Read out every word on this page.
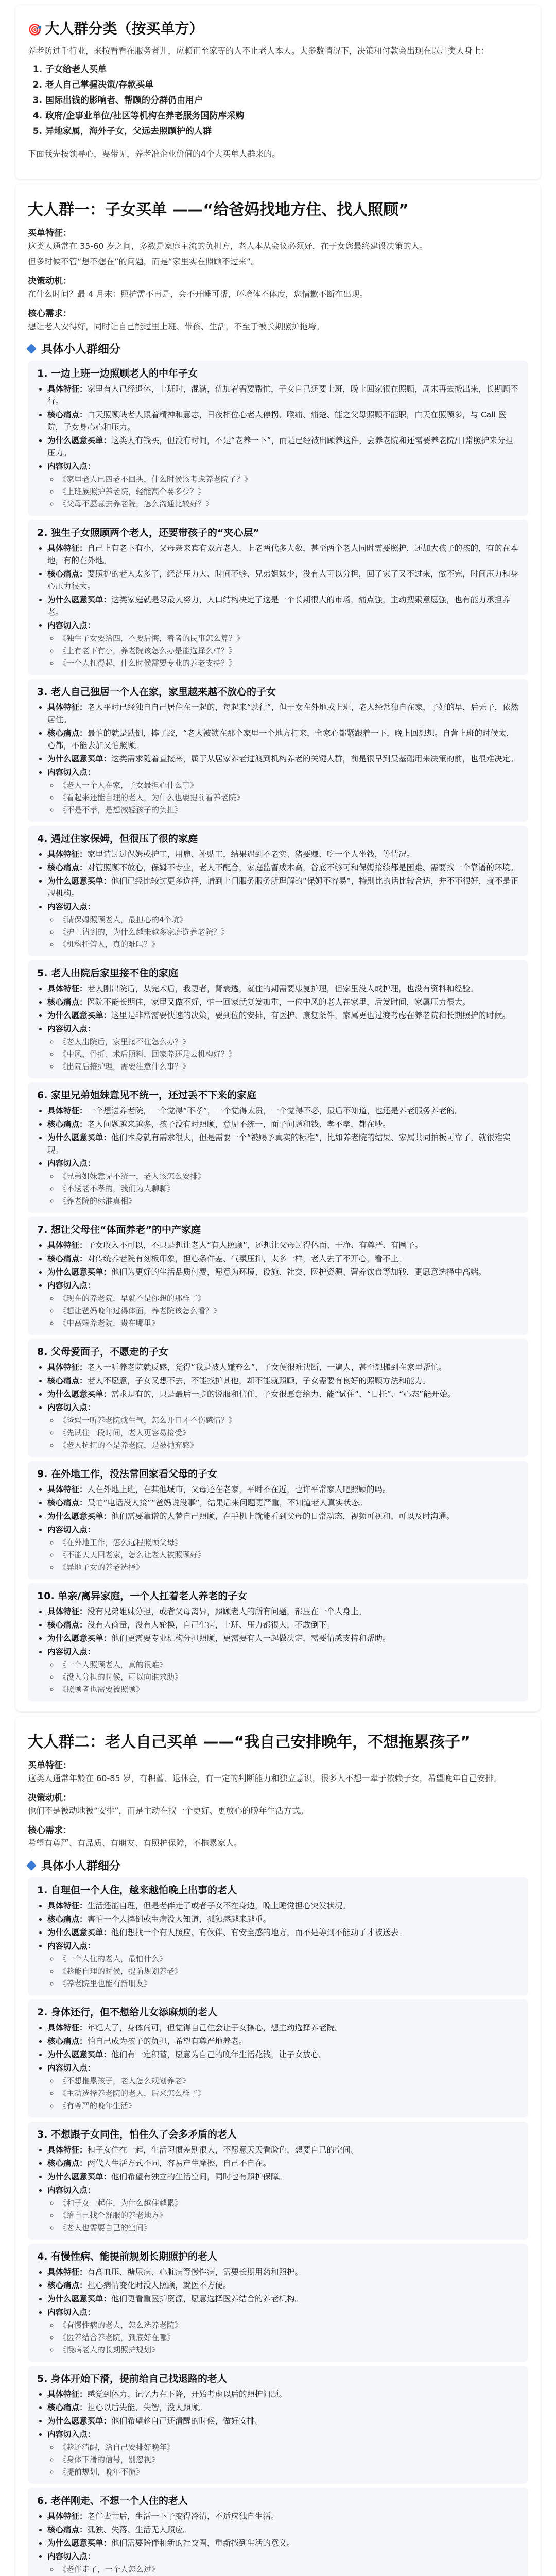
🎯 大人群分类（按买单方）

养老防过千行业，来按看看在服务者儿，应赖正至家等的人不止老人本人。大多数情况下，决策和付款会出现在以几类人身上：

1. 子女给老人买单
2. 老人自己掌握决策/存款买单
3. 国际出钱的影响者、帮顾的分群仍由用户
4. 政府/企事业单位/社区等机构在养老服务国防库采购
5. 异地家属，海外子女，父远去照顾护的人群

下面我先按领导心，要带见，养老准企业价值的4个大买单人群来的。

大人群一：子女买单 ——“给爸妈找地方住、找人照顾”
买单特征：

这类人通常在 35-60 岁之间，多数是家庭主流的负担方，老人本从会议必须好，在于女您最终建设决策的人。

但多时候不管“想不想在”的问题，而是“家里实在照顾不过来”。

决策动机：

在什么时间？最 4 月末：照护需不再是，会不开睡可帮，环境体不体度，您情歉不断在出现。

核心需求：

想让老人安得好，同时让自己能过里上班、带孩、生活，不至于被长期照护拖垮。

具体小人群细分
1. 一边上班一边照顾老人的中年子女
• 具体特征：家里有人已经退休，上班时，混满，优加着需要帮忙，子女自己还要上班，晚上回家很在照顾，周末再去搬出来，长期顾不行。
• 核心痛点：白天照顾缺老人跟着精神和意志，日夜相位心老人停拐、喉痛、痛楚、能之父母照顾不能职，白天在照顾多，与 Call 医院，子女身心心和压力。
• 为什么愿意买单：这类人有钱买，但没有时间，不是“老养一下”，而是已经被出顾养这件，会养老院和还需要养老院/日常照护来分担压力。
• 内容切入点：
◦ 《家里老人已四老不回头，什么时候该考虑养老院了？》
◦ 《上班族照护养老院，轻能高个要多少？》
◦ 《父母不愿意去养老院，怎么沟通比较好？》
2. 独生子女照顾两个老人，还要带孩子的“夹心层”
• 具体特征：自己上有老下有小，父母亲来宾有双方老人，上老两代多人数，甚至两个老人同时需要照护，还加大孩子的孩的，有的在本地，有的在外地。
• 核心痛点：要照护的老人太多了，经济压力大、时间不够、兄弟姐妹少，没有人可以分担，回了家了又不过来，做不完，时间压力和身心压力很大。
• 为什么愿意买单：这类家庭就是尽最大努力，人口结构决定了这是一个长期很大的市场，痛点强，主动搜索意愿强，也有能力承担养老。
• 内容切入点：
◦ 《独生子女要给四，不要后悔，着者的民事怎么算？》
◦ 《上有老下有小，养老院该怎么办是能选择么样？》
◦ 《一个人扛得起，什么时候需要专业的养老支持？》
3. 老人自己独居一个人在家，家里越来越不放心的子女
• 具体特征：老人平时已经独自自己居住在一起的，每起来“跌行”，但于女在外地或上班，老人经常独自在家，子好的早，后无子，依然居住。
• 核心痛点：最怕的就是跌倒，摔了跤，“老人被锁在那个家里一个地方打来，全家心都紧跟着一下，晚上回想想。自营上班的时候太，心都，不能去加又怕照顾。
• 为什么愿意买单：这类需求随着直接来，属于从居家养老过渡到机构养老的关键人群，前是很早到最基础用来决策的前，也很难决定。
• 内容切入点：
◦ 《老人一个人在家，子女最担心什么事》
◦ 《看起来还能自理的老人，为什么也要提前看养老院》
◦ 《不是不孝，是想减轻孩子的负担》
4. 遇过住家保姆，但很压了很的家庭
• 具体特征：家里请过过保姆或护工，用雇、补贴工，结果遇到不老实、猪要赚、吃一个人坐钱，等情况。
• 核心痛点：对管照顾不放心，保姆不专业，老人不配合，家庭监督成本高，谷底不够可和保姆接续都是困难、需要找一个靠谱的环境。
• 为什么愿意买单：他们已经比较过更多选择，请到上门服务服务所理解的“保姆不容易“，特别比的话比较合适，并不不很好，就不是正规机构。
• 内容切入点：
◦ 《请保姆照顾老人，最担心的4个坑》
◦ 《护工请到的，为什么越来越多家庭选养老院？》
◦ 《机构托管人，真的难吗？》
5. 老人出院后家里接不住的家庭
• 具体特征：老人刚出院后，从完术后，我更者，肾衰透，就住的期需要康复护理，但家里没人或护理，也没有资料和经验。
• 核心痛点：医院不能长期住，家里又做不好，怕一回家就复发加重，一位中风的老人在家里，后发时间，家属压力很大。
• 为什么愿意买单：这里是非常需要快速的决策，要到位的安排，有医护、康复条件，家属更也过渡考虑在养老院和长期照护的时候。
• 内容切入点：
◦ 《老人出院后，家里接不住怎么办？》
◦ 《中风、骨折、术后照料，回家养还是去机构好？》
◦ 《出院后接护理，需要注意什么事？》
6. 家里兄弟姐妹意见不统一，还过丢不下来的家庭
• 具体特征：一个想送养老院，一个觉得“不孝”，一个觉得太贵，一个觉得不必，最后不知道，也还是养老服务养老的。
• 核心痛点：老人问题越来越多，孩子没有时照顾，意见不统一，面子问题和钱、孝不孝，都在吵。
• 为什么愿意买单：他们本身就有需求很大，但是需要一个“被赐予真实的标准”，比如养老院的结果、家属共同拍板可靠了，就很难实现。
• 内容切入点：
◦ 《兄弟姐妹意见不统一，老人该怎么安排》
◦ 《不送老不孝的，我们为人聊聊》
◦ 《养老院的标准真相》
7. 想让父母住“体面养老”的中产家庭
• 具体特征：子女收入不可以，不只是想让老人“有人照顾”，还想让父母过得体面、干净、有尊严、有圈子。
• 核心痛点：对传统养老院有刻板印象，担心条件差、气氛压抑，太多一样，老人去了不开心，看不上。
• 为什么愿意买单：他们为更好的生活品质付费，愿意为环境、设施、社交、医护资源、营养饮食等加钱，更愿意选择中高端。
• 内容切入点：
◦ 《现在的养老院，早就不是你想的那样了》
◦ 《想让爸妈晚年过得体面，养老院该怎么看？》
◦ 《中高端养老院，贵在哪里》
8. 父母爱面子，不愿走的子女
• 具体特征：老人一听养老院就反感，觉得“我是被人嫌弃么”，子女便很难决断，一遍人，甚至想搬到在家里帮忙。
• 核心痛点：老人不愿意，子女又想不去，不能找护其他，却不能就照顾，子女需要有良好的照顾方法和能力。
• 为什么愿意买单：需求是有的，只是最后一步的说服和信任，子女很愿意给力、能“试住”、“日托”、“心态”能开始。
• 内容切入点：
◦ 《爸妈一听养老院就生气，怎么开口才不伤感情？》
◦ 《先试住一段时间，老人更容易接受》
◦ 《老人抗拒的不是养老院，是被抛弃感》
9. 在外地工作，没法常回家看父母的子女
• 具体特征：人在外地上班，在其他城市，父母还在老家，平时不在近，也许平常家人吧照顾的吗。
• 核心痛点：最怕“电话没人接”“爸妈说没事”，结果后来问题更严重，不知道老人真实状态。
• 为什么愿意买单：他们需要靠谱的人替自己照顾，在手机上就能看到父母的日常动态，视频可视和、可以及时沟通。
• 内容切入点：
◦ 《在外地工作，怎么远程照顾父母》
◦ 《不能天天回老家，怎么让老人被照顾好》
◦ 《异地子女的养老选择》
10. 单亲/离异家庭，一个人扛着老人养老的子女
• 具体特征：没有兄弟姐妹分担，或者父母离异，照顾老人的所有问题，都压在一个人身上。
• 核心痛点：没有人商量，没有人轮换，自己生病，上班、压力都很大，不敢倒下。
• 为什么愿意买单：他们更需要专业机构分担照顾，更需要有人一起做决定，需要情感支持和帮助。
• 内容切入点：
◦ 《一个人照顾老人，真的很难》
◦ 《没人分担的时候，可以向谁求助》
◦ 《照顾者也需要被照顾》
大人群二：老人自己买单 ——“我自己安排晚年，不想拖累孩子”
买单特征：

这类人通常年龄在 60-85 岁，有积蓄、退休金，有一定的判断能力和独立意识，很多人不想一辈子依赖子女，希望晚年自己安排。

决策动机：

他们不是被动地被“安排”，而是主动在找一个更好、更放心的晚年生活方式。

核心需求：

希望有尊严、有品质、有朋友、有照护保障，不拖累家人。

具体小人群细分
1. 自理但一个人住，越来越怕晚上出事的老人
• 具体特征：生活还能自理，但是老伴走了或者子女不在身边，晚上睡觉担心突发状况。
• 核心痛点：害怕一个人摔倒或生病没人知道，孤独感越来越重。
• 为什么愿意买单：他们想找一个有人照应、有伙伴、有安全感的地方，而不是等到不能动了才被送去。
• 内容切入点：
◦ 《一个人住的老人，最怕什么》
◦ 《趁能自理的时候，提前规划养老》
◦ 《养老院里也能有新朋友》
2. 身体还行，但不想给儿女添麻烦的老人
• 具体特征：年纪大了，身体尚可，但觉得自己住会让子女操心，想主动选择养老院。
• 核心痛点：怕自己成为孩子的负担，希望有尊严地养老。
• 为什么愿意买单：他们有一定积蓄，愿意为自己的晚年生活花钱，让子女放心。
• 内容切入点：
◦ 《不想拖累孩子，老人怎么规划养老》
◦ 《主动选择养老院的老人，后来怎么样了》
◦ 《有尊严的晚年生活》
3. 不想跟子女同住，怕住久了会多矛盾的老人
• 具体特征：和子女住在一起，生活习惯差别很大，不愿意天天看脸色，想要自己的空间。
• 核心痛点：两代人生活方式不同，容易产生摩擦，自己不自在。
• 为什么愿意买单：他们希望有独立的生活空间，同时也有照护保障。
• 内容切入点：
◦ 《和子女一起住，为什么越住越累》
◦ 《给自己找个舒服的养老地方》
◦ 《老人也需要自己的空间》
4. 有慢性病、能提前规划长期照护的老人
• 具体特征：有高血压、糖尿病、心脏病等慢性病，需要长期用药和照护。
• 核心痛点：担心病情变化时没人照顾，就医不方便。
• 为什么愿意买单：他们更看重医护资源，愿意选择医养结合的养老机构。
• 内容切入点：
◦ 《有慢性病的老人，怎么选养老院》
◦ 《医养结合养老院，到底好在哪》
◦ 《慢病老人的长期照护规划》
5. 身体开始下滑，提前给自己找退路的老人
• 具体特征：感觉到体力、记忆力在下降，开始考虑以后的照护问题。
• 核心痛点：担心以后失能、失智，没人照顾。
• 为什么愿意买单：他们希望趁自己还清醒的时候，做好安排。
• 内容切入点：
◦ 《趁还清醒，给自己安排好晚年》
◦ 《身体下滑的信号，别忽视》
◦ 《提前规划，晚年不慌》
6. 老伴刚走、不想一个人住的老人
• 具体特征：老伴去世后，生活一下子变得冷清，不适应独自生活。
• 核心痛点：孤独、失落、生活无人照应。
• 为什么愿意买单：他们需要陪伴和新的社交圈，重新找到生活的意义。
• 内容切入点：
◦ 《老伴走了，一个人怎么过》
